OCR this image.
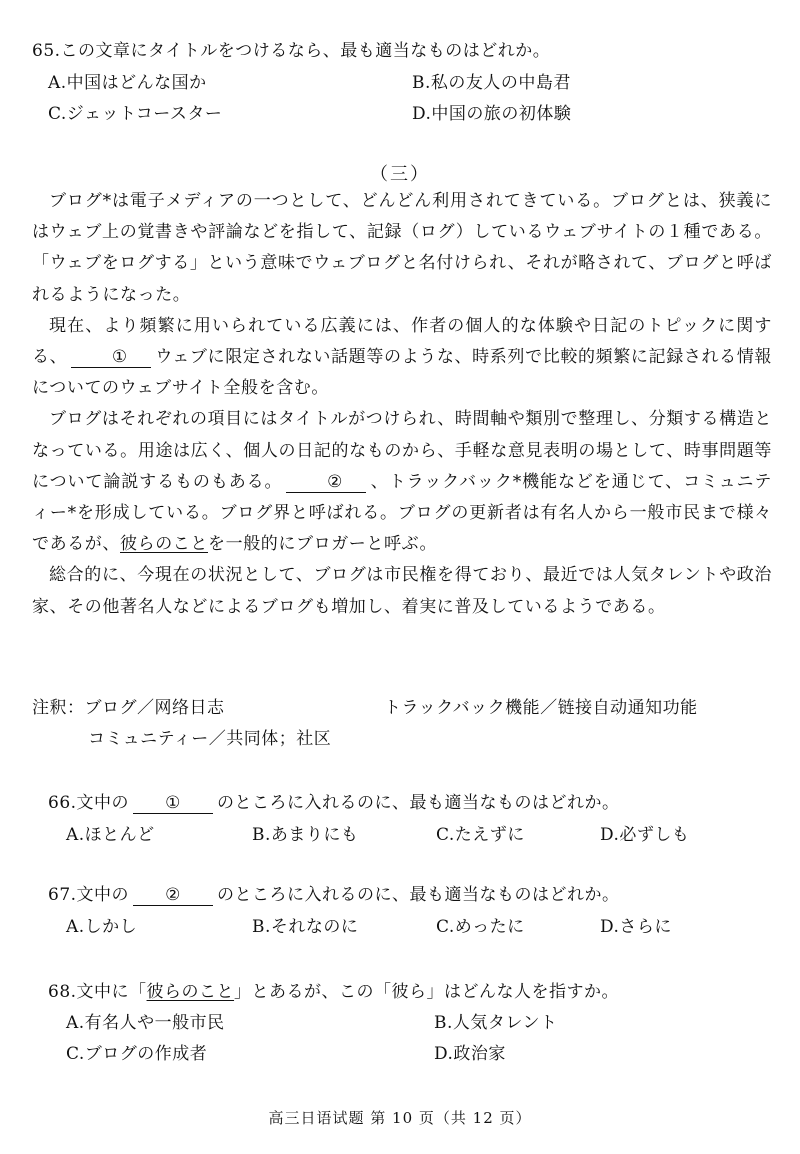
65.この文章にタイトルをつけるなら、最も適当なものはどれか。
A.中国はどんな国か	B.私の友人の中島君
C.ジェットコースター	D.中国の旅の初体験
（三）

ブログ*は電子メディアの一つとして、どんどん利用されてきている。ブログとは、狭義にはウェブ上の覚書きや評論などを指して、記録（ログ）しているウェブサイトの１種である。「ウェブをログする」という意味でウェブログと名付けられ、それが略されて、ブログと呼ばれるようになった。

現在、より頻繁に用いられている広義には、作者の個人的な体験や日記のトピックに関する、	① ウェブに限定されない話題等のような、時系列で比較的頻繁に記録される情報についてのウェブサイト全般を含む。

ブログはそれぞれの項目にはタイトルがつけられ、時間軸や類別で整理し、分類する構造となっている。用途は広く、個人の日記的なものから、手軽な意見表明の場として、時事問題等について論説するものもある。	② 、トラックバック*機能などを通じて、コミュニティー*を形成している。ブログ界と呼ばれる。ブログの更新者は有名人から一般市民まで様々であるが、彼らのことを一般的にブロガーと呼ぶ。

総合的に、今現在の状況として、ブログは市民権を得ており、最近では人気タレントや政治家、その他著名人などによるブログも増加し、着実に普及しているようである。

注釈：ブログ／网络日志	トラックバック機能／链接自动通知功能
コミュニティー／共同体；社区
66.文中の ① のところに入れるのに、最も適当なものはどれか。
A.ほとんど	B.あまりにも	C.たえずに	D.必ずしも
67.文中の ② のところに入れるのに、最も適当なものはどれか。
A.しかし	B.それなのに	C.めったに	D.さらに
68.文中に「彼らのこと」とあるが、この「彼ら」はどんな人を指すか。
A.有名人や一般市民	B.人気タレント
C.ブログの作成者	D.政治家
高三日语试题 第 10 页（共 12 页）
